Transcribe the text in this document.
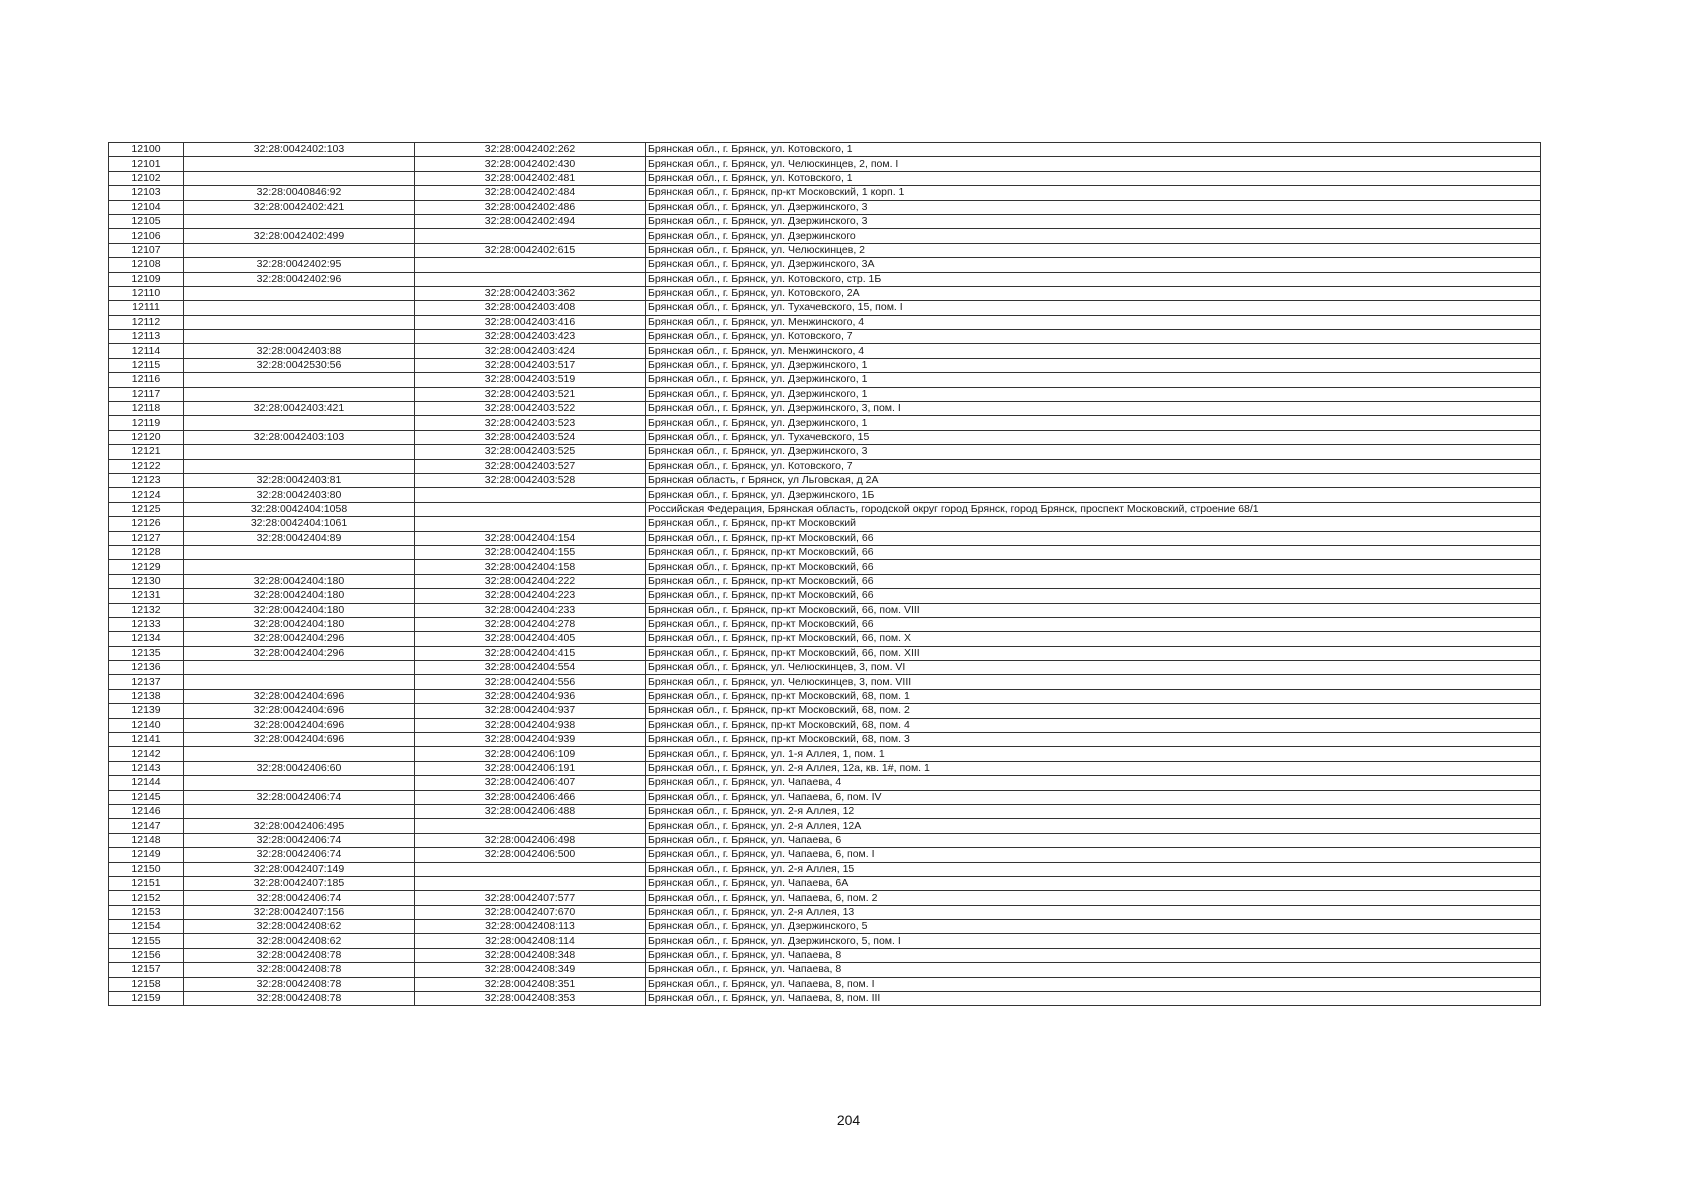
12100	32:28:0042402:103	32:28:0042402:262	Брянская обл., г. Брянск, ул. Котовского, 1
12101		32:28:0042402:430	Брянская обл., г. Брянск, ул. Челюскинцев, 2, пом. I
12102		32:28:0042402:481	Брянская обл., г. Брянск, ул. Котовского, 1
12103	32:28:0040846:92	32:28:0042402:484	Брянская обл., г. Брянск, пр-кт Московский, 1 корп. 1
12104	32:28:0042402:421	32:28:0042402:486	Брянская обл., г. Брянск, ул. Дзержинского, 3
12105		32:28:0042402:494	Брянская обл., г. Брянск, ул. Дзержинского, 3
12106	32:28:0042402:499		Брянская обл., г. Брянск, ул. Дзержинского
12107		32:28:0042402:615	Брянская обл., г. Брянск, ул. Челюскинцев, 2
12108	32:28:0042402:95		Брянская обл., г. Брянск, ул. Дзержинского, 3А
12109	32:28:0042402:96		Брянская обл., г. Брянск, ул. Котовского, стр. 1Б
12110		32:28:0042403:362	Брянская обл., г. Брянск, ул. Котовского, 2А
12111		32:28:0042403:408	Брянская обл., г. Брянск, ул. Тухачевского, 15, пом. I
12112		32:28:0042403:416	Брянская обл., г. Брянск, ул. Менжинского, 4
12113		32:28:0042403:423	Брянская обл., г. Брянск, ул. Котовского, 7
12114	32:28:0042403:88	32:28:0042403:424	Брянская обл., г. Брянск, ул. Менжинского, 4
12115	32:28:0042530:56	32:28:0042403:517	Брянская обл., г. Брянск, ул. Дзержинского, 1
12116		32:28:0042403:519	Брянская обл., г. Брянск, ул. Дзержинского, 1
12117		32:28:0042403:521	Брянская обл., г. Брянск, ул. Дзержинского, 1
12118	32:28:0042403:421	32:28:0042403:522	Брянская обл., г. Брянск, ул. Дзержинского, 3, пом. I
12119		32:28:0042403:523	Брянская обл., г. Брянск, ул. Дзержинского, 1
12120	32:28:0042403:103	32:28:0042403:524	Брянская обл., г. Брянск, ул. Тухачевского, 15
12121		32:28:0042403:525	Брянская обл., г. Брянск, ул. Дзержинского, 3
12122		32:28:0042403:527	Брянская обл., г. Брянск, ул. Котовского, 7
12123	32:28:0042403:81	32:28:0042403:528	Брянская область, г Брянск, ул Льговская, д 2А
12124	32:28:0042403:80		Брянская обл., г. Брянск, ул. Дзержинского, 1Б
12125	32:28:0042404:1058		Российская Федерация, Брянская область, городской округ город Брянск, город Брянск, проспект Московский, строение 68/1
12126	32:28:0042404:1061		Брянская обл., г. Брянск, пр-кт Московский
12127	32:28:0042404:89	32:28:0042404:154	Брянская обл., г. Брянск, пр-кт Московский, 66
12128		32:28:0042404:155	Брянская обл., г. Брянск, пр-кт Московский, 66
12129		32:28:0042404:158	Брянская обл., г. Брянск, пр-кт Московский, 66
12130	32:28:0042404:180	32:28:0042404:222	Брянская обл., г. Брянск, пр-кт Московский, 66
12131	32:28:0042404:180	32:28:0042404:223	Брянская обл., г. Брянск, пр-кт Московский, 66
12132	32:28:0042404:180	32:28:0042404:233	Брянская обл., г. Брянск, пр-кт Московский, 66, пом. VIII
12133	32:28:0042404:180	32:28:0042404:278	Брянская обл., г. Брянск, пр-кт Московский, 66
12134	32:28:0042404:296	32:28:0042404:405	Брянская обл., г. Брянск, пр-кт Московский, 66, пом. X
12135	32:28:0042404:296	32:28:0042404:415	Брянская обл., г. Брянск, пр-кт Московский, 66, пом. XIII
12136		32:28:0042404:554	Брянская обл., г. Брянск, ул. Челюскинцев, 3, пом. VI
12137		32:28:0042404:556	Брянская обл., г. Брянск, ул. Челюскинцев, 3, пом. VIII
12138	32:28:0042404:696	32:28:0042404:936	Брянская обл., г. Брянск, пр-кт Московский, 68, пом. 1
12139	32:28:0042404:696	32:28:0042404:937	Брянская обл., г. Брянск, пр-кт Московский, 68, пом. 2
12140	32:28:0042404:696	32:28:0042404:938	Брянская обл., г. Брянск, пр-кт Московский, 68, пом. 4
12141	32:28:0042404:696	32:28:0042404:939	Брянская обл., г. Брянск, пр-кт Московский, 68, пом. 3
12142		32:28:0042406:109	Брянская обл., г. Брянск, ул. 1-я Аллея, 1, пом. 1
12143	32:28:0042406:60	32:28:0042406:191	Брянская обл., г. Брянск, ул. 2-я Аллея, 12а, кв. 1#, пом. 1
12144		32:28:0042406:407	Брянская обл., г. Брянск, ул. Чапаева, 4
12145	32:28:0042406:74	32:28:0042406:466	Брянская обл., г. Брянск, ул. Чапаева, 6, пом. IV
12146		32:28:0042406:488	Брянская обл., г. Брянск, ул. 2-я Аллея, 12
12147	32:28:0042406:495		Брянская обл., г. Брянск, ул. 2-я Аллея, 12А
12148	32:28:0042406:74	32:28:0042406:498	Брянская обл., г. Брянск, ул. Чапаева, 6
12149	32:28:0042406:74	32:28:0042406:500	Брянская обл., г. Брянск, ул. Чапаева, 6, пом. I
12150	32:28:0042407:149		Брянская обл., г. Брянск, ул. 2-я Аллея, 15
12151	32:28:0042407:185		Брянская обл., г. Брянск, ул. Чапаева, 6А
12152	32:28:0042406:74	32:28:0042407:577	Брянская обл., г. Брянск, ул. Чапаева, 6, пом. 2
12153	32:28:0042407:156	32:28:0042407:670	Брянская обл., г. Брянск, ул. 2-я Аллея, 13
12154	32:28:0042408:62	32:28:0042408:113	Брянская обл., г. Брянск, ул. Дзержинского, 5
12155	32:28:0042408:62	32:28:0042408:114	Брянская обл., г. Брянск, ул. Дзержинского, 5, пом. I
12156	32:28:0042408:78	32:28:0042408:348	Брянская обл., г. Брянск, ул. Чапаева, 8
12157	32:28:0042408:78	32:28:0042408:349	Брянская обл., г. Брянск, ул. Чапаева, 8
12158	32:28:0042408:78	32:28:0042408:351	Брянская обл., г. Брянск, ул. Чапаева, 8, пом. I
12159	32:28:0042408:78	32:28:0042408:353	Брянская обл., г. Брянск, ул. Чапаева, 8, пом. III
204
